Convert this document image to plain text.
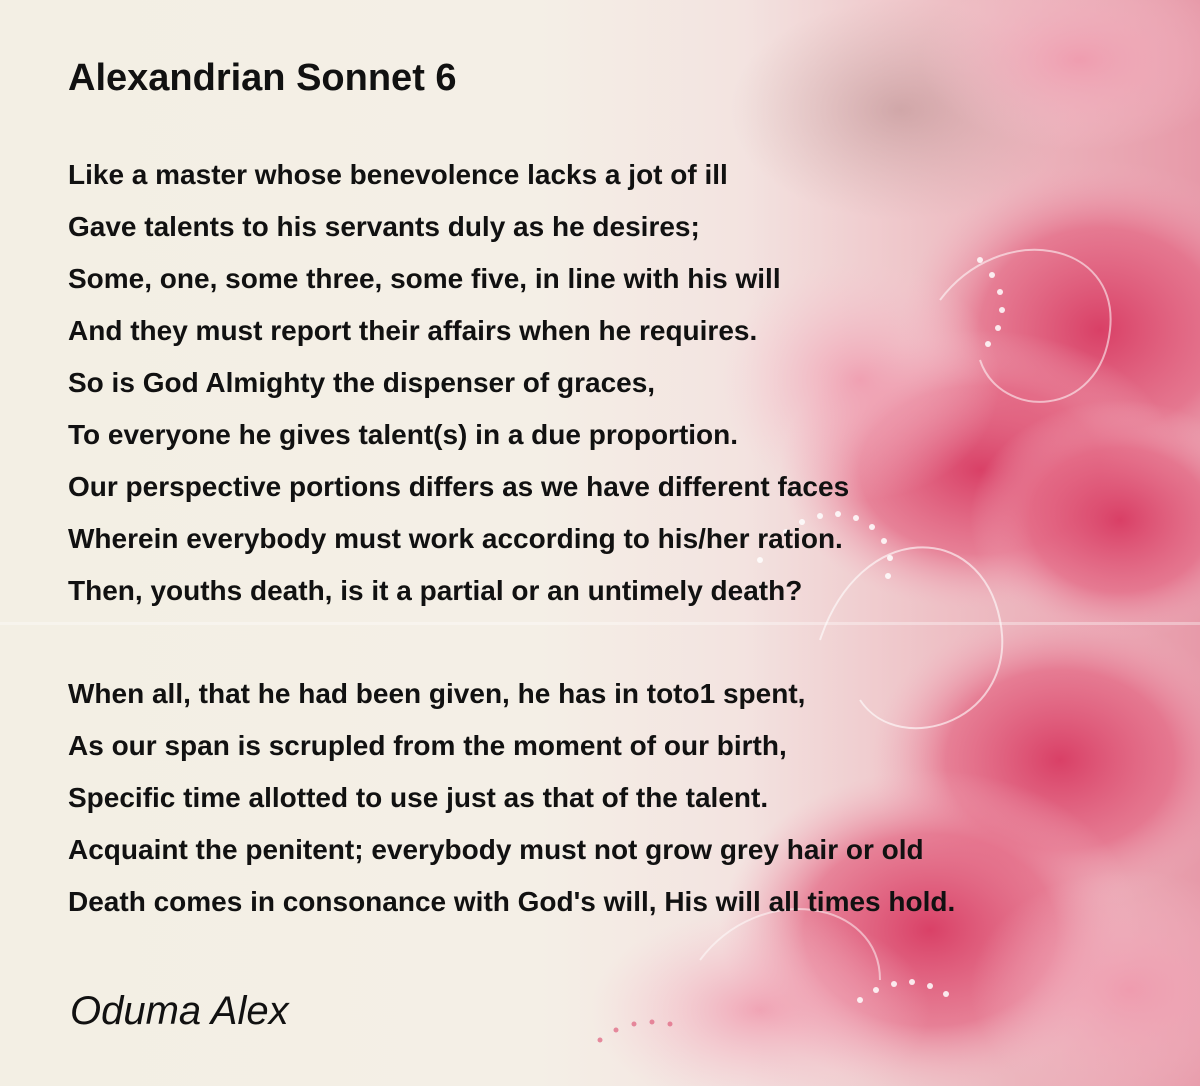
Alexandrian Sonnet 6
Like a master whose benevolence lacks a jot of ill
Gave talents to his servants duly as he desires;
Some, one, some three, some five, in line with his will
And they must report their affairs when he requires.
So is God Almighty the dispenser of graces,
To everyone he gives talent(s) in a due proportion.
Our perspective portions differs as we have different faces
Wherein everybody must work according to his/her ration.
Then, youths death, is it a partial or an untimely death?
When all, that he had been given, he has in toto1 spent,
As our span is scrupled from the moment of our birth,
Specific time allotted to use just as that of the talent.
Acquaint the penitent; everybody must not grow grey hair or old
Death comes in consonance with God's will, His will all times hold.
Oduma Alex
